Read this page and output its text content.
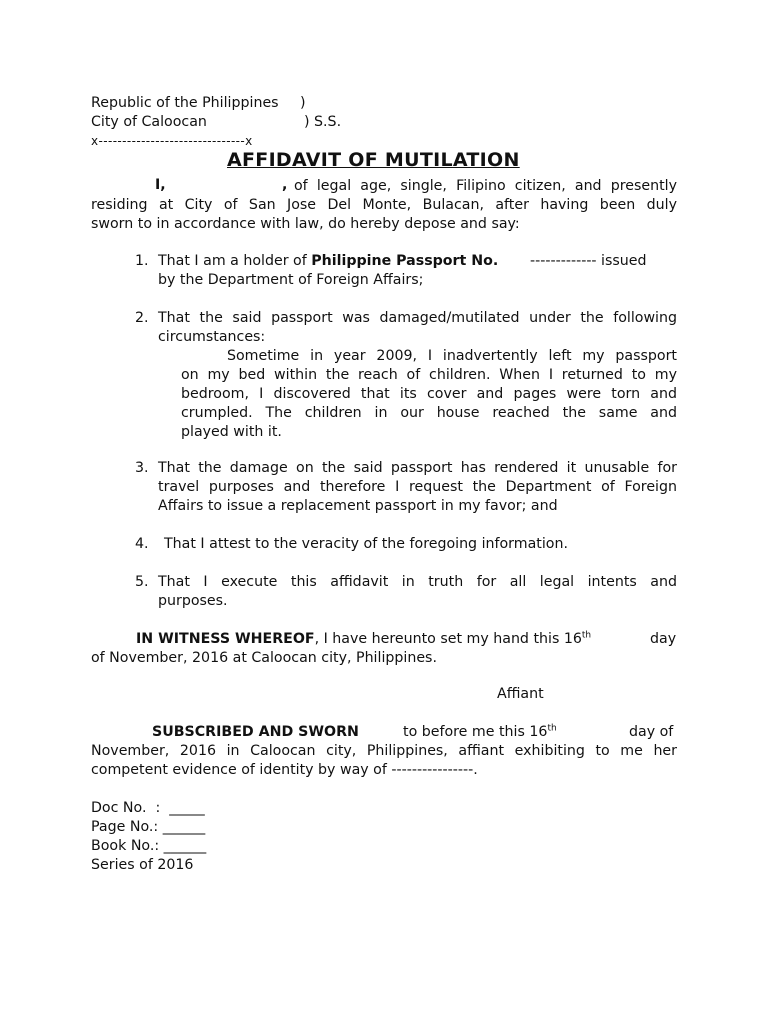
Republic of the Philippines )
City of Caloocan	) S.S.
x-------------------------------x
AFFIDAVIT OF MUTILATION
I,	, of legal age, single, Filipino citizen, and presently
residing at City of San Jose Del Monte, Bulacan, after having been duly
sworn to in accordance with law, do hereby depose and say:
1. That I am a holder of Philippine Passport No. ------------- issued
by the Department of Foreign Affairs;
2. That the said passport was damaged/mutilated under the following
circumstances:
Sometime in year 2009, I inadvertently left my passport
on my bed within the reach of children. When I returned to my
bedroom, I discovered that its cover and pages were torn and
crumpled. The children in our house reached the same and
played with it.
3. That the damage on the said passport has rendered it unusable for
travel purposes and therefore I request the Department of Foreign
Affairs to issue a replacement passport in my favor; and
4. That I attest to the veracity of the foregoing information.
5. That I execute this affidavit in truth for all legal intents and
purposes.
IN WITNESS WHEREOF, I have hereunto set my hand this 16th	day
of November, 2016 at Caloocan city, Philippines.
Affiant
SUBSCRIBED AND SWORN	to before me this 16th	day of
November, 2016 in Caloocan city, Philippines, affiant exhibiting to me her
competent evidence of identity by way of ----------------.
Doc No.  :  _____
Page No.: ______
Book No.: ______
Series of 2016
